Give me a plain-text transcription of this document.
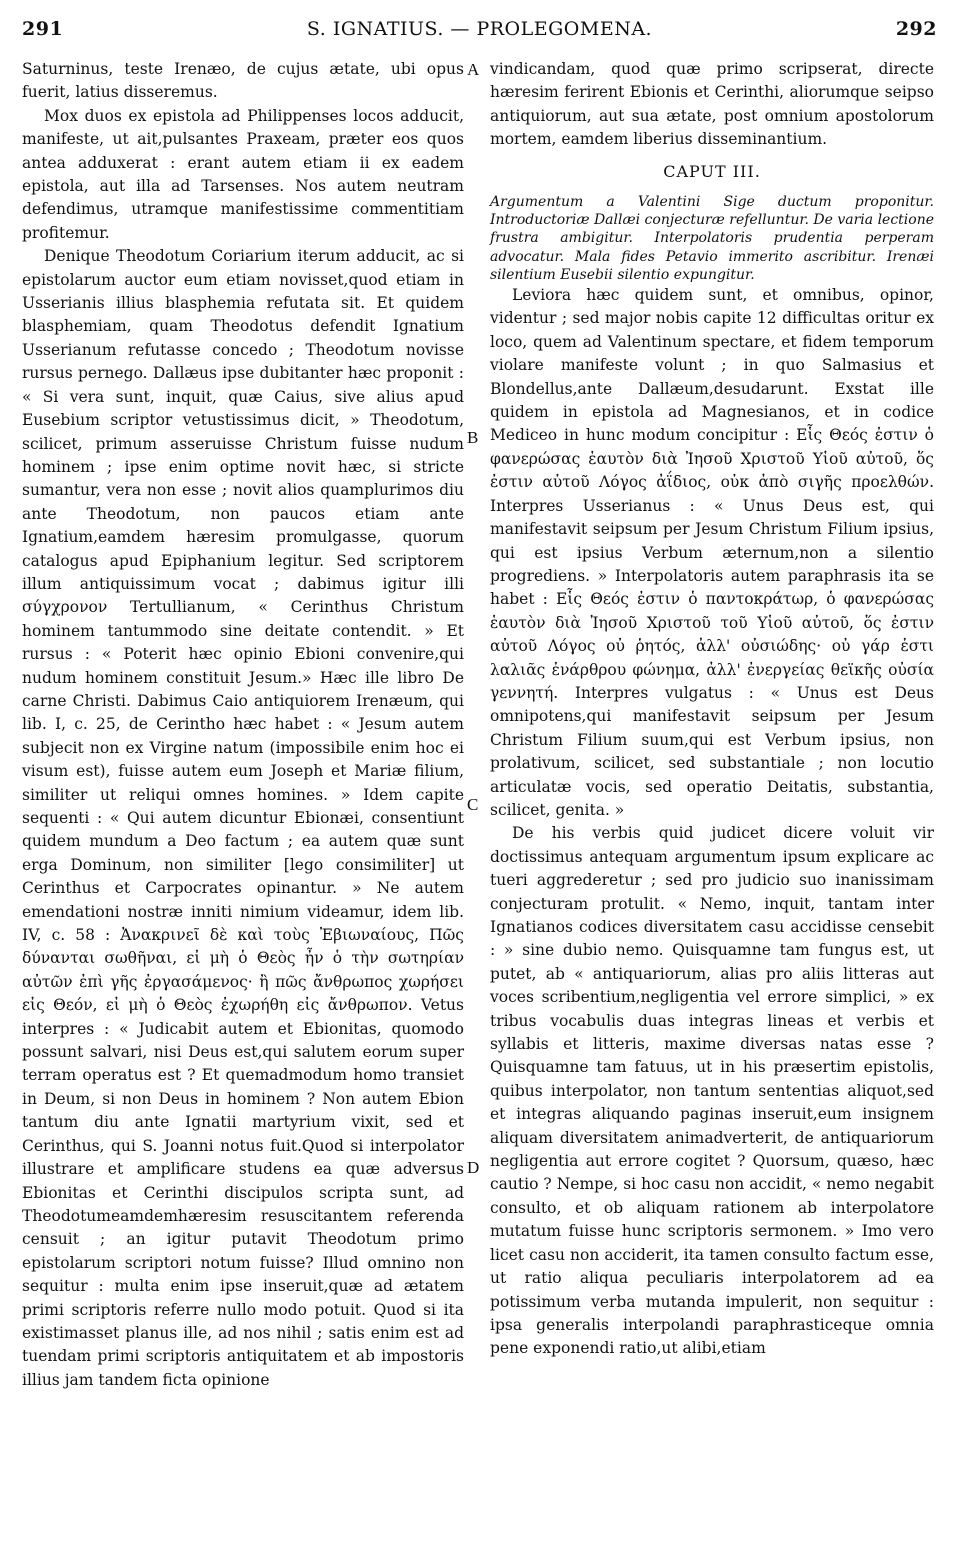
291	S. IGNATIUS. — PROLEGOMENA.	292

Saturninus, teste Irenæo, de cujus ætate, ubi opus fuerit, latius disseremus.

Mox duos ex epistola ad Philippenses locos adducit, manifeste, ut ait,pulsantes Praxeam, præter eos quos antea adduxerat : erant autem etiam ii ex eadem epistola, aut illa ad Tarsenses. Nos autem neutram defendimus, utramque manifestissime commentitiam profitemur.

Denique Theodotum Coriarium iterum adducit, ac si epistolarum auctor eum etiam novisset,quod etiam in Usserianis illius blasphemia refutata sit. Et quidem blasphemiam, quam Theodotus defendit Ignatium Usserianum refutasse concedo ; Theodotum novisse rursus pernego. Dallæus ipse dubitanter hæc proponit : « Si vera sunt, inquit, quæ Caius, sive alius apud Eusebium scriptor vetustissimus dicit, » Theodotum, scilicet, primum asseruisse Christum fuisse nudum hominem ; ipse enim optime novit hæc, si stricte sumantur, vera non esse ; novit alios quamplurimos diu ante Theodotum, non paucos etiam ante Ignatium,eamdem hæresim promulgasse, quorum catalogus apud Epiphanium legitur. Sed scriptorem illum antiquissimum vocat ; dabimus igitur illi σύγχρονον Tertullianum, « Cerinthus Christum hominem tantummodo sine deitate contendit. » Et rursus : « Poterit hæc opinio Ebioni convenire,qui nudum hominem constituit Jesum.» Hæc ille libro De carne Christi. Dabimus Caio antiquiorem Irenæum, qui lib. I, c. 25, de Cerintho hæc habet : « Jesum autem subjecit non ex Virgine natum (impossibile enim hoc ei visum est), fuisse autem eum Joseph et Mariæ filium, similiter ut reliqui omnes homines. » Idem capite sequenti : « Qui autem dicuntur Ebionæi, consentiunt quidem mundum a Deo factum ; ea autem quæ sunt erga Dominum, non similiter [lego consimiliter] ut Cerinthus et Carpocrates opinantur. » Ne autem emendationi nostræ inniti nimium videamur, idem lib. IV, c. 58 : Ἀνακρινεῖ δὲ καὶ τοὺς Ἐβιωναίους, Πῶς δύνανται σωθῆναι, εἰ μὴ ὁ Θεὸς ἦν ὁ τὴν σωτηρίαν αὐτῶν ἐπὶ γῆς ἐργασάμενος· ἢ πῶς ἄνθρωπος χωρήσει εἰς Θεόν, εἰ μὴ ὁ Θεὸς ἐχωρήθη εἰς ἄνθρωπον. Vetus interpres : « Judicabit autem et Ebionitas, quomodo possunt salvari, nisi Deus est,qui salutem eorum super terram operatus est ? Et quemadmodum homo transiet in Deum, si non Deus in hominem ? Non autem Ebion tantum diu ante Ignatii martyrium vixit, sed et Cerinthus, qui S. Joanni notus fuit.Quod si interpolator illustrare et amplificare studens ea quæ adversus Ebionitas et Cerinthi discipulos scripta sunt, ad Theodotumeamdemhæresim resuscitantem referenda censuit ; an igitur putavit Theodotum primo epistolarum scriptori notum fuisse? Illud omnino non sequitur : multa enim ipse inseruit,quæ ad ætatem primi scriptoris referre nullo modo potuit. Quod si ita existimasset planus ille, ad nos nihil ; satis enim est ad tuendam primi scriptoris antiquitatem et ab impostoris illius jam tandem ficta opinione

A
B
C
D

vindicandam, quod quæ primo scripserat, directe hæresim ferirent Ebionis et Cerinthi, aliorumque seipso antiquiorum, aut sua ætate, post omnium apostolorum mortem, eamdem liberius disseminantium.

CAPUT III.

Argumentum a Valentini Sige ductum proponitur. Introductoriæ Dallæi conjecturæ refelluntur. De varia lectione frustra ambigitur. Interpolatoris prudentia perperam advocatur. Mala fides Petavio immerito ascribitur. Irenæi silentium Eusebii silentio expungitur.

Leviora hæc quidem sunt, et omnibus, opinor, videntur ; sed major nobis capite 12 difficultas oritur ex loco, quem ad Valentinum spectare, et fidem temporum violare manifeste volunt ; in quo Salmasius et Blondellus,ante Dallæum,desudarunt. Exstat ille quidem in epistola ad Magnesianos, et in codice Mediceo in hunc modum concipitur : Εἷς Θεός ἐστιν ὁ φανερώσας ἑαυτὸν διὰ Ἰησοῦ Χριστοῦ Υἱοῦ αὐτοῦ, ὅς ἐστιν αὐτοῦ Λόγος ἀΐδιος, οὐκ ἀπὸ σιγῆς προελθών. Interpres Usserianus : « Unus Deus est, qui manifestavit seipsum per Jesum Christum Filium ipsius, qui est ipsius Verbum æternum,non a silentio progrediens. » Interpolatoris autem paraphrasis ita se habet : Εἷς Θεός ἐστιν ὁ παντοκράτωρ, ὁ φανερώσας ἑαυτὸν διὰ Ἰησοῦ Χριστοῦ τοῦ Υἱοῦ αὐτοῦ, ὅς ἐστιν αὐτοῦ Λόγος οὐ ῥητός, ἀλλ' οὐσιώδης· οὐ γάρ ἐστι λαλιᾶς ἐνάρθρου φώνημα, ἀλλ' ἐνεργείας θεϊκῆς οὐσία γεννητή. Interpres vulgatus : « Unus est Deus omnipotens,qui manifestavit seipsum per Jesum Christum Filium suum,qui est Verbum ipsius, non prolativum, scilicet, sed substantiale ; non locutio articulatæ vocis, sed operatio Deitatis, substantia, scilicet, genita. »

De his verbis quid judicet dicere voluit vir doctissimus antequam argumentum ipsum explicare ac tueri aggrederetur ; sed pro judicio suo inanissimam conjecturam protulit. « Nemo, inquit, tantam inter Ignatianos codices diversitatem casu accidisse censebit : » sine dubio nemo. Quisquamne tam fungus est, ut putet, ab « antiquariorum, alias pro aliis litteras aut voces scribentium,negligentia vel errore simplici, » ex tribus vocabulis duas integras lineas et verbis et syllabis et litteris, maxime diversas natas esse ? Quisquamne tam fatuus, ut in his præsertim epistolis, quibus interpolator, non tantum sententias aliquot,sed et integras aliquando paginas inseruit,eum insignem aliquam diversitatem animadverterit, de antiquariorum negligentia aut errore cogitet ? Quorsum, quæso, hæc cautio ? Nempe, si hoc casu non accidit, « nemo negabit consulto, et ob aliquam rationem ab interpolatore mutatum fuisse hunc scriptoris sermonem. » Imo vero licet casu non acciderit, ita tamen consulto factum esse, ut ratio aliqua peculiaris interpolatorem ad ea potissimum verba mutanda impulerit, non sequitur : ipsa generalis interpolandi paraphrasticeque omnia pene exponendi ratio,ut alibi,etiam
